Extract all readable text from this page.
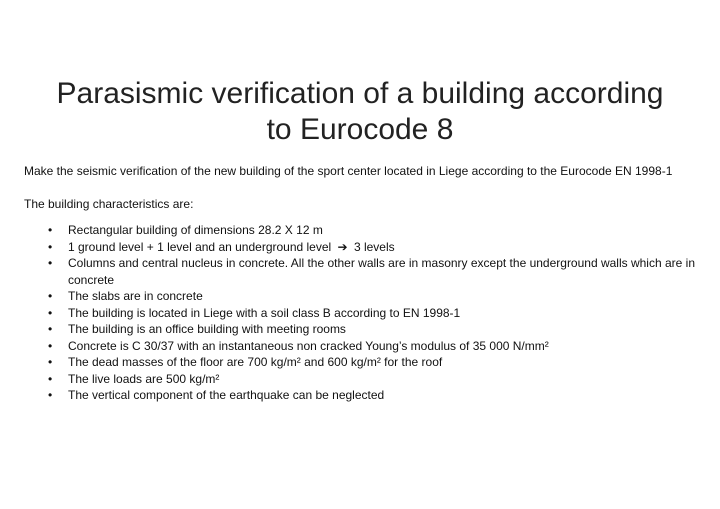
Parasismic verification of a building according to Eurocode 8

Make the seismic verification of the new building of the sport center located in Liege according to the Eurocode EN 1998-1

The building characteristics are:

• Rectangular building of dimensions 28.2 X 12 m
• 1 ground level + 1 level and an underground level ➔ 3 levels
• Columns and central nucleus in concrete. All the other walls are in masonry except the underground walls which are in concrete
• The slabs are in concrete
• The building is located in Liege with a soil class B according to EN 1998-1
• The building is an office building with meeting rooms
• Concrete is C 30/37 with an instantaneous non cracked Young’s modulus of 35 000 N/mm²
• The dead masses of the floor are 700 kg/m² and 600 kg/m² for the roof
• The live loads are 500 kg/m²
• The vertical component of the earthquake can be neglected
